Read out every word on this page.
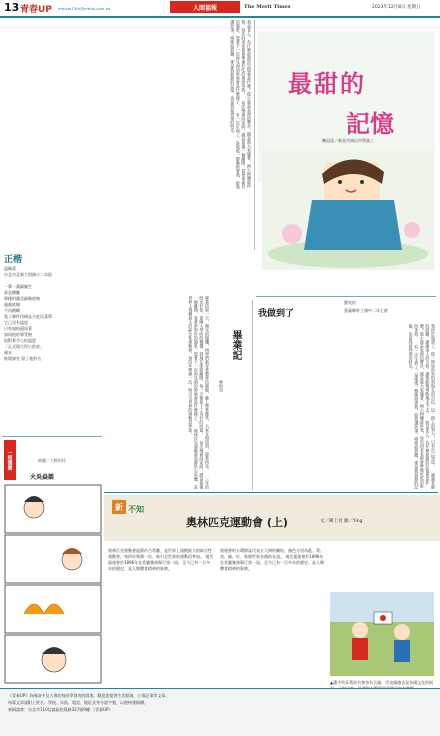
13 青春UP mtnstn13th@mtnts.com.tw	人間福報	The Merit Times	2023年12月8日 星期五
我是老么，為什麼最甜的記憶會是什麼？從小就是家裡的寶貝，總是被大家寵著，阿公阿嬤最疼我，每次回老家都會準備好吃的東西等我。 每次聚會回家時，總是最後一個離開，看著車窗外的風景，想著下一次再見面的時候會是什麼樣子。 有一次生病了，是媽媽一整晚陪著我，給我講故事，唱歌給我聽，那是我最甜的記憶，也是我最珍惜的時光。	最甜的
記憶
陳冠廷／新北市南山中學高三
我做到了
劉亮佑
嘉義縣朴子國中二年七班
我終於做到了，從一開始的害怕到現在的自信，這一路上的努力，只有自己知道。 謝謝老師的鼓勵，謝謝家人的支持，讓我能夠勇敢地走下去。 我是老么，為什麼最甜的記憶會是什麼？從小就是家裡的寶貝，總是被大家寵著，阿公阿嬤最疼我，每次回老家都會準備好吃的東西等我。 有一次生病了，是媽媽一整晚陪著我，給我講故事，唱歌給我聽，那是我最甜的記憶，也是我最珍惜的時光。
畢業記
林柏昱
畢業的那一天，陽光很燦爛，同學們都穿著整齊的制服，臉上帶著微笑，大家互相道別，說著再見。 三年的時光好快，從剛入學時的懵懂，到現在即將離開，每一天都留下了美好的回憶。 每次聚會回家時，總是最後一個離開，看著車窗外的風景，想著下一次再見面的時候會是什麼樣子。 奧林匹克運動會起源於古希臘，是世界上規模最大的綜合性運動會，每四年舉辦一次，吸引全世界的運動員參加。
正楷
溫佩柔
台北市北新大明國小二年級
一筆一畫細膩生
垂直橫撇
那樣的優美細緻底線
處處底線
不再模糊
電子郵件印刷品小吃店菜單
它已沒有溫度
只有規格還留著
如同他的筆受窗
依附著手心的溫度
「正式場合得公的真」
歲末
推開課室 留了他的名
一格漫畫	繪圖／大畔柯托
火炎焱燚
新 不知
奧林匹克運動會 (上)	文／陳上君 圖／Ying
奧林匹克運動會起源於古希臘，是世界上規模最大的綜合性運動會，每四年舉辦一次，吸引全世界的運動員參加。 現代奧運會於1896年在希臘雅典舉行第一屆，至今已有一百多年的歷史，是人類體育精神的象徵。
奧運會的五環標誌代表五大洲的團結，顏色分別為藍、黃、黑、綠、紅，象徵世界各國的友誼。 現代奧運會於1896年在希臘雅典舉行第一屆，至今已有一百多年的歷史，是人類體育精神的象徵。
▲選手所穿著的衣物各有含義，代表國旗也是各國文化的展
《青春UP》為國高中及大專院校同學發表的園地，歡迎您提供生活點滴、心情記事等文章。
每篇文章請附上姓名、學校、年級、電話、地址及身分證字號，以便核發稿酬。
來稿請寄：台北市110信義區松隆路327號9樓 《青春UP》
